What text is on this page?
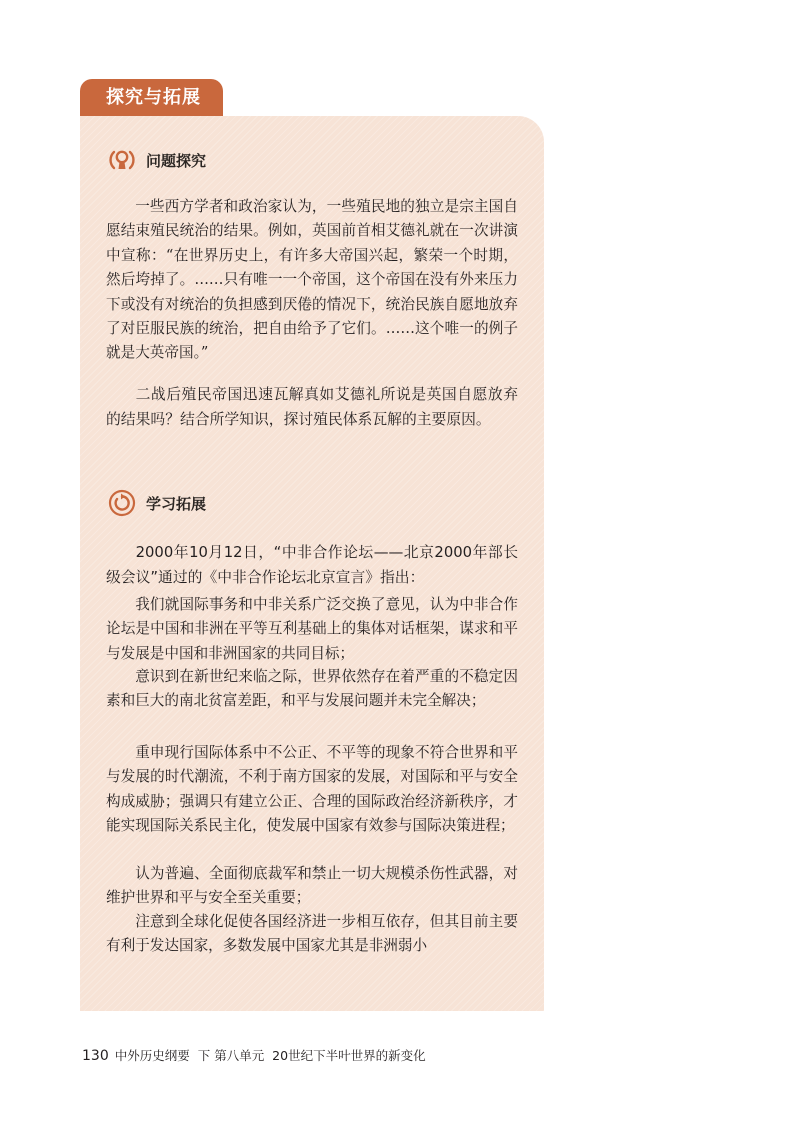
探究与拓展
问题探究

一些西方学者和政治家认为，一些殖民地的独立是宗主国自愿结束殖民统治的结果。例如，英国前首相艾德礼就在一次讲演中宣称：“在世界历史上，有许多大帝国兴起，繁荣一个时期，然后垮掉了。……只有唯一一个帝国，这个帝国在没有外来压力下或没有对统治的负担感到厌倦的情况下，统治民族自愿地放弃了对臣服民族的统治，把自由给予了它们。……这个唯一的例子就是大英帝国。”

二战后殖民帝国迅速瓦解真如艾德礼所说是英国自愿放弃的结果吗？结合所学知识，探讨殖民体系瓦解的主要原因。

学习拓展

2000年10月12日，“中非合作论坛——北京2000年部长级会议”通过的《中非合作论坛北京宣言》指出：

我们就国际事务和中非关系广泛交换了意见，认为中非合作论坛是中国和非洲在平等互利基础上的集体对话框架，谋求和平与发展是中国和非洲国家的共同目标；

意识到在新世纪来临之际，世界依然存在着严重的不稳定因素和巨大的南北贫富差距，和平与发展问题并未完全解决；

重申现行国际体系中不公正、不平等的现象不符合世界和平与发展的时代潮流，不利于南方国家的发展，对国际和平与安全构成威胁；强调只有建立公正、合理的国际政治经济新秩序，才能实现国际关系民主化，使发展中国家有效参与国际决策进程；

认为普遍、全面彻底裁军和禁止一切大规模杀伤性武器，对维护世界和平与安全至关重要；

注意到全球化促使各国经济进一步相互依存，但其目前主要有利于发达国家，多数发展中国家尤其是非洲弱小

130 中外历史纲要 下 第八单元 20世纪下半叶世界的新变化
